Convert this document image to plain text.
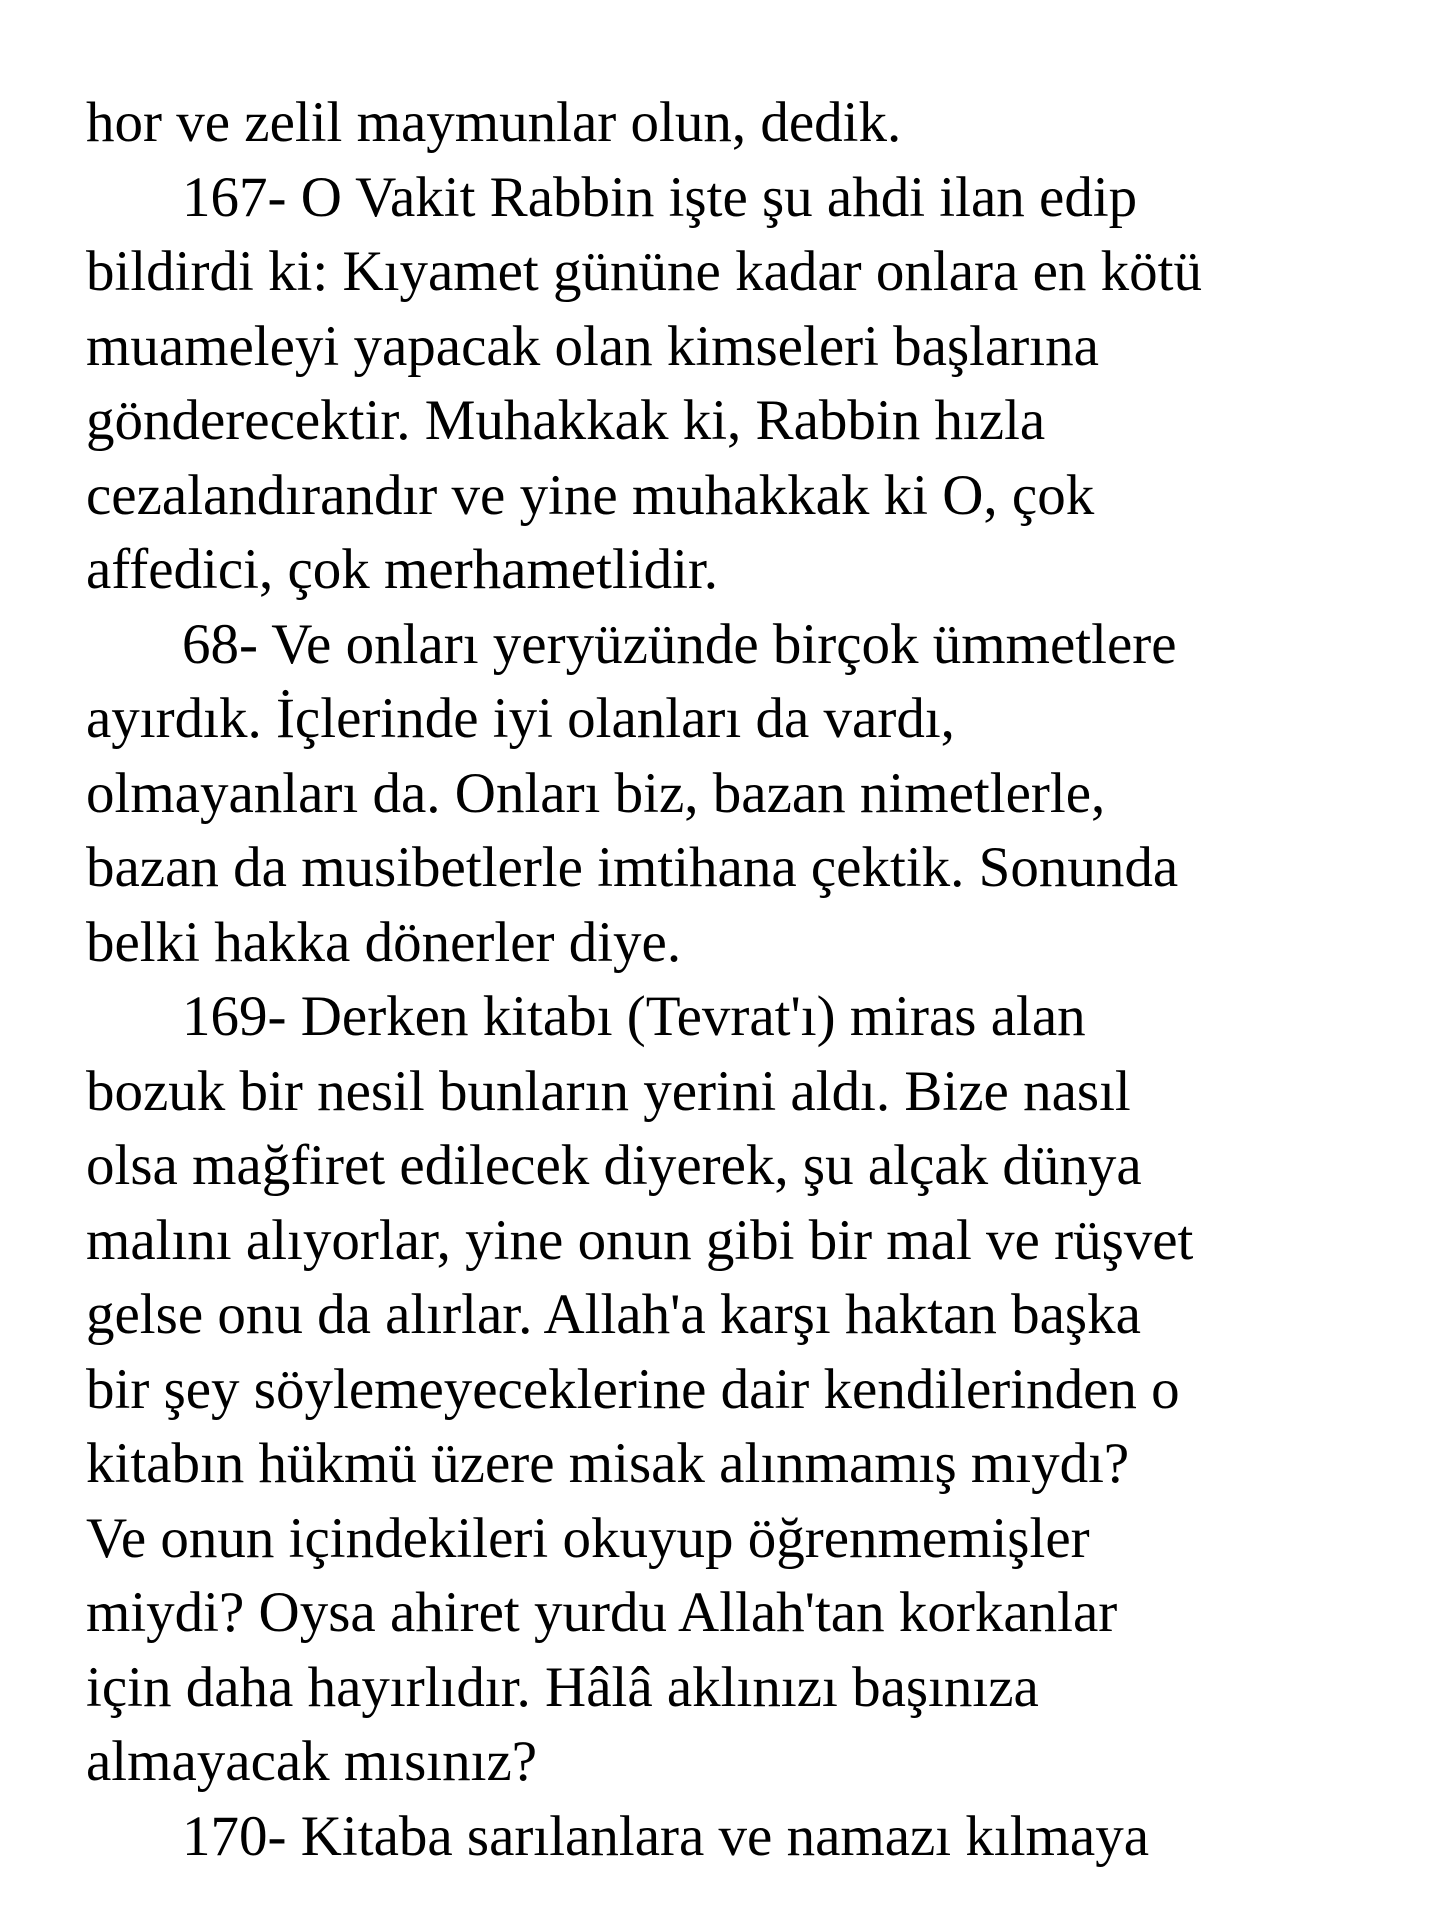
hor ve zelil maymunlar olun, dedik.
167- O Vakit Rabbin işte şu ahdi ilan edip
bildirdi ki: Kıyamet gününe kadar onlara en kötü
muameleyi yapacak olan kimseleri başlarına
gönderecektir. Muhakkak ki, Rabbin hızla
cezalandırandır ve yine muhakkak ki O, çok
affedici, çok merhametlidir.
68- Ve onları yeryüzünde birçok ümmetlere
ayırdık. İçlerinde iyi olanları da vardı,
olmayanları da. Onları biz, bazan nimetlerle,
bazan da musibetlerle imtihana çektik. Sonunda
belki hakka dönerler diye.
169- Derken kitabı (Tevrat'ı) miras alan
bozuk bir nesil bunların yerini aldı. Bize nasıl
olsa mağfiret edilecek diyerek, şu alçak dünya
malını alıyorlar, yine onun gibi bir mal ve rüşvet
gelse onu da alırlar. Allah'a karşı haktan başka
bir şey söylemeyeceklerine dair kendilerinden o
kitabın hükmü üzere misak alınmamış mıydı?
Ve onun içindekileri okuyup öğrenmemişler
miydi? Oysa ahiret yurdu Allah'tan korkanlar
için daha hayırlıdır. Hâlâ aklınızı başınıza
almayacak mısınız?
170- Kitaba sarılanlara ve namazı kılmaya
